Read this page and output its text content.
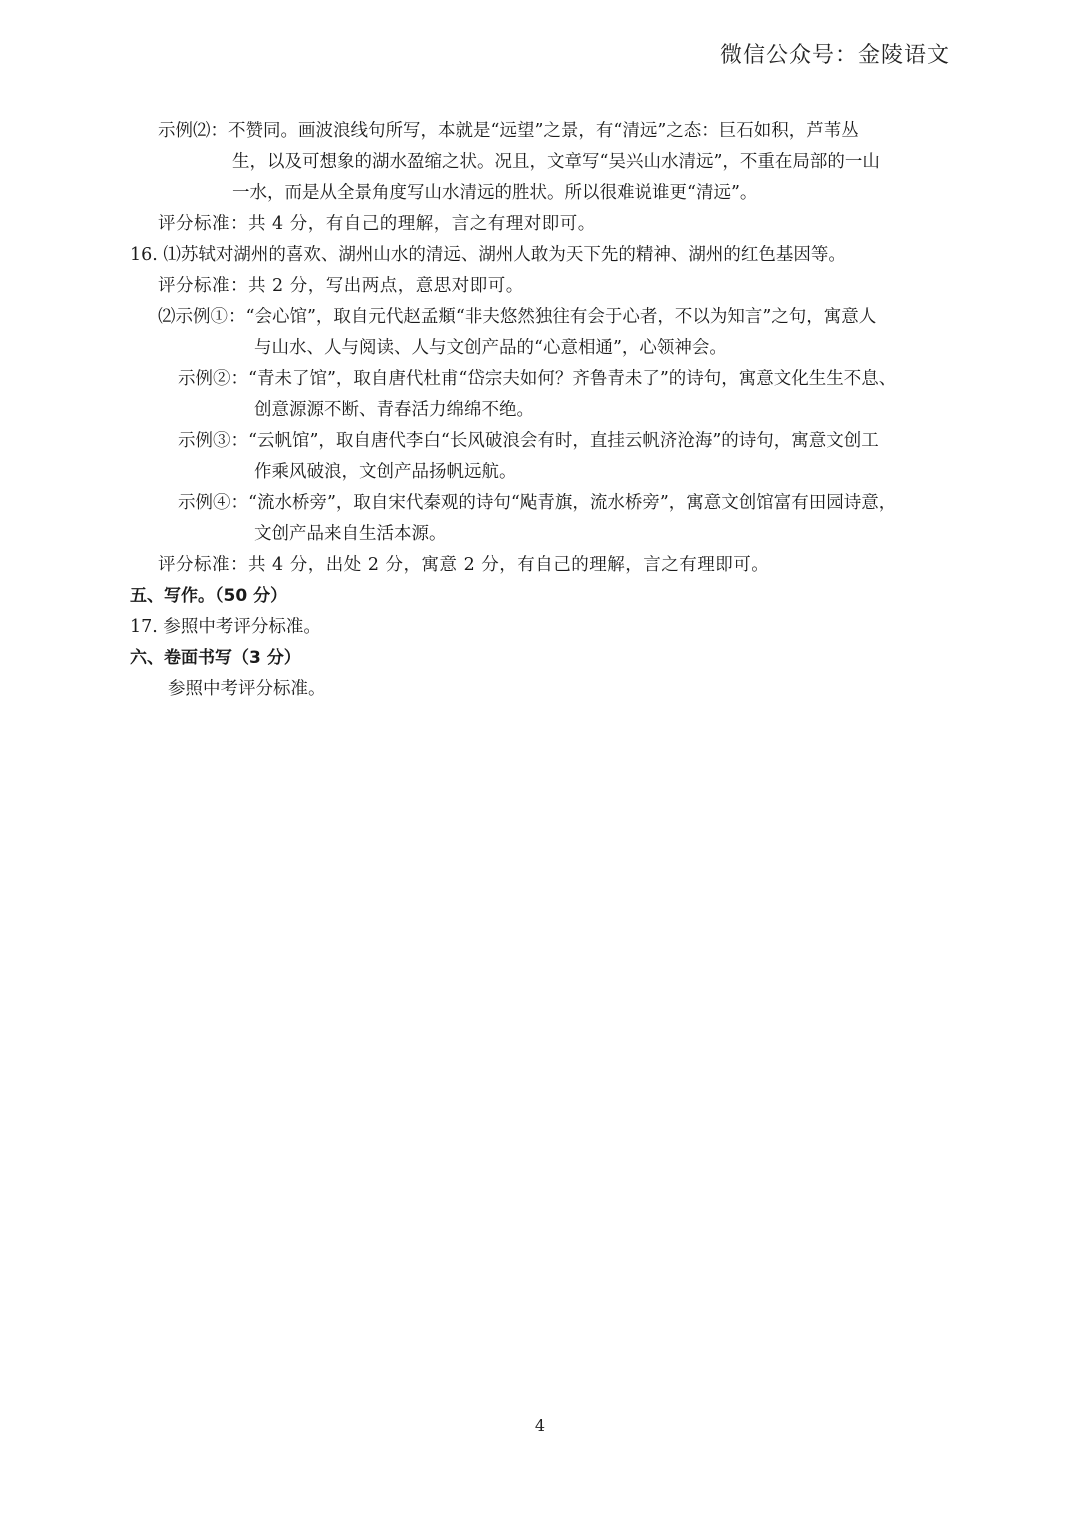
微信公众号：金陵语文
示例⑵：不赞同。画波浪线句所写，本就是“远望”之景，有“清远”之态：巨石如积，芦苇丛
生，以及可想象的湖水盈缩之状。况且，文章写“吴兴山水清远”，不重在局部的一山
一水，而是从全景角度写山水清远的胜状。所以很难说谁更“清远”。
评分标准：共 4 分，有自己的理解，言之有理对即可。
16. ⑴苏轼对湖州的喜欢、湖州山水的清远、湖州人敢为天下先的精神、湖州的红色基因等。
评分标准：共 2 分，写出两点，意思对即可。
⑵示例①：“会心馆”，取自元代赵孟頫“非夫悠然独往有会于心者，不以为知言”之句，寓意人
与山水、人与阅读、人与文创产品的“心意相通”，心领神会。
示例②：“青未了馆”，取自唐代杜甫“岱宗夫如何？齐鲁青未了”的诗句，寓意文化生生不息、
创意源源不断、青春活力绵绵不绝。
示例③：“云帆馆”，取自唐代李白“长风破浪会有时，直挂云帆济沧海”的诗句，寓意文创工
作乘风破浪，文创产品扬帆远航。
示例④：“流水桥旁”，取自宋代秦观的诗句“飐青旗，流水桥旁”，寓意文创馆富有田园诗意，
文创产品来自生活本源。
评分标准：共 4 分，出处 2 分，寓意 2 分，有自己的理解，言之有理即可。
五、写作。（50 分）
17. 参照中考评分标准。
六、卷面书写（3 分）
参照中考评分标准。
4
